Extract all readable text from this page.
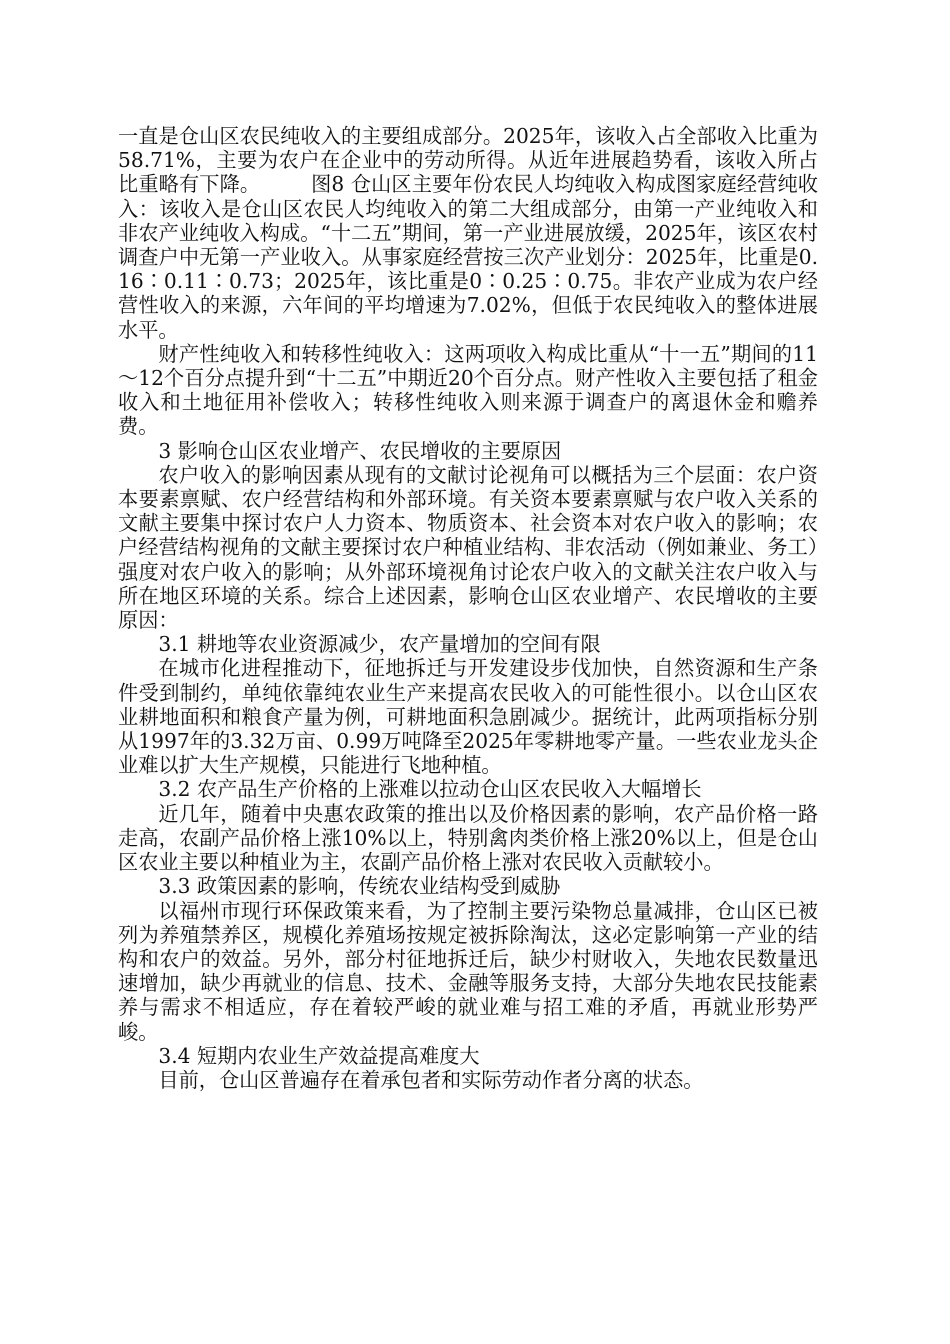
一直是仓山区农民纯收入的主要组成部分。2025年，该收入占全部收入比重为58.71%，主要为农户在企业中的劳动所得。从近年进展趋势看，该收入所占比重略有下降。　　　图8 仓山区主要年份农民人均纯收入构成图家庭经营纯收入：该收入是仓山区农民人均纯收入的第二大组成部分，由第一产业纯收入和非农产业纯收入构成。“十二五”期间，第一产业进展放缓，2025年，该区农村调查户中无第一产业收入。从事家庭经营按三次产业划分：2025年，比重是0.16∶0.11∶0.73；2025年，该比重是0∶0.25∶0.75。非农产业成为农户经营性收入的来源，六年间的平均增速为7.02%，但低于农民纯收入的整体进展水平。

财产性纯收入和转移性纯收入：这两项收入构成比重从“十一五”期间的11～12个百分点提升到“十二五”中期近20个百分点。财产性收入主要包括了租金收入和土地征用补偿收入；转移性纯收入则来源于调查户的离退休金和赡养费。

3 影响仓山区农业增产、农民增收的主要原因

农户收入的影响因素从现有的文献讨论视角可以概括为三个层面：农户资本要素禀赋、农户经营结构和外部环境。有关资本要素禀赋与农户收入关系的文献主要集中探讨农户人力资本、物质资本、社会资本对农户收入的影响；农户经营结构视角的文献主要探讨农户种植业结构、非农活动（例如兼业、务工）强度对农户收入的影响；从外部环境视角讨论农户收入的文献关注农户收入与所在地区环境的关系。综合上述因素，影响仓山区农业增产、农民增收的主要原因：

3.1 耕地等农业资源减少，农产量增加的空间有限

在城市化进程推动下，征地拆迁与开发建设步伐加快，自然资源和生产条件受到制约，单纯依靠纯农业生产来提高农民收入的可能性很小。以仓山区农业耕地面积和粮食产量为例，可耕地面积急剧减少。据统计，此两项指标分别从1997年的3.32万亩、0.99万吨降至2025年零耕地零产量。一些农业龙头企业难以扩大生产规模，只能进行飞地种植。

3.2 农产品生产价格的上涨难以拉动仓山区农民收入大幅增长

近几年，随着中央惠农政策的推出以及价格因素的影响，农产品价格一路走高，农副产品价格上涨10%以上，特别禽肉类价格上涨20%以上，但是仓山区农业主要以种植业为主，农副产品价格上涨对农民收入贡献较小。

3.3 政策因素的影响，传统农业结构受到威胁

以福州市现行环保政策来看，为了控制主要污染物总量减排，仓山区已被列为养殖禁养区，规模化养殖场按规定被拆除淘汰，这必定影响第一产业的结构和农户的效益。另外，部分村征地拆迁后，缺少村财收入，失地农民数量迅速增加，缺少再就业的信息、技术、金融等服务支持，大部分失地农民技能素养与需求不相适应，存在着较严峻的就业难与招工难的矛盾，再就业形势严峻。

3.4 短期内农业生产效益提高难度大

目前，仓山区普遍存在着承包者和实际劳动作者分离的状态。
